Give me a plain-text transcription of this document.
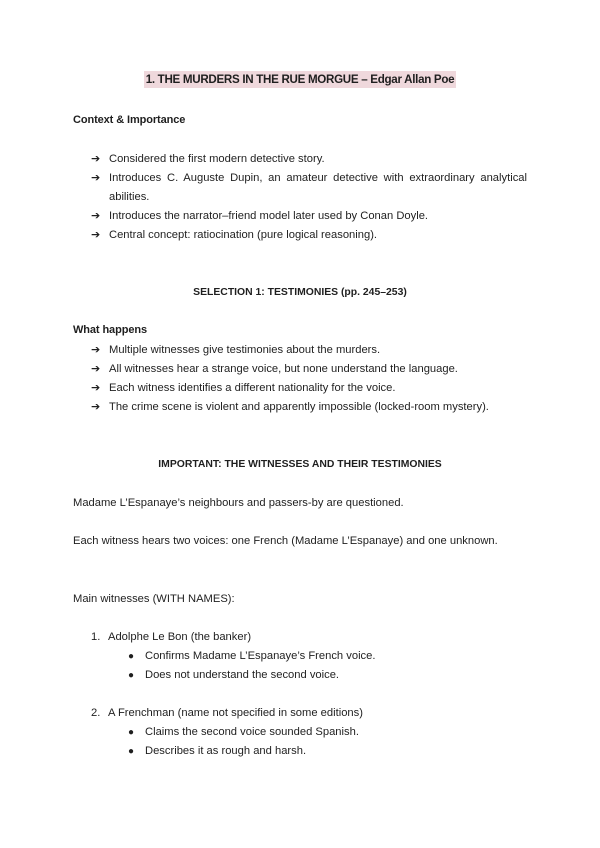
1. THE MURDERS IN THE RUE MORGUE – Edgar Allan Poe
Context & Importance
➔ Considered the first modern detective story.
➔ Introduces C. Auguste Dupin, an amateur detective with extraordinary analytical abilities.
➔ Introduces the narrator–friend model later used by Conan Doyle.
➔ Central concept: ratiocination (pure logical reasoning).
SELECTION 1: TESTIMONIES (pp. 245–253)
What happens
➔ Multiple witnesses give testimonies about the murders.
➔ All witnesses hear a strange voice, but none understand the language.
➔ Each witness identifies a different nationality for the voice.
➔ The crime scene is violent and apparently impossible (locked-room mystery).
IMPORTANT: THE WITNESSES AND THEIR TESTIMONIES
Madame L’Espanaye’s neighbours and passers-by are questioned.
Each witness hears two voices: one French (Madame L’Espanaye) and one unknown.
Main witnesses (WITH NAMES):
1. Adolphe Le Bon (the banker)
● Confirms Madame L’Espanaye’s French voice.
● Does not understand the second voice.
2. A Frenchman (name not specified in some editions)
● Claims the second voice sounded Spanish.
● Describes it as rough and harsh.
